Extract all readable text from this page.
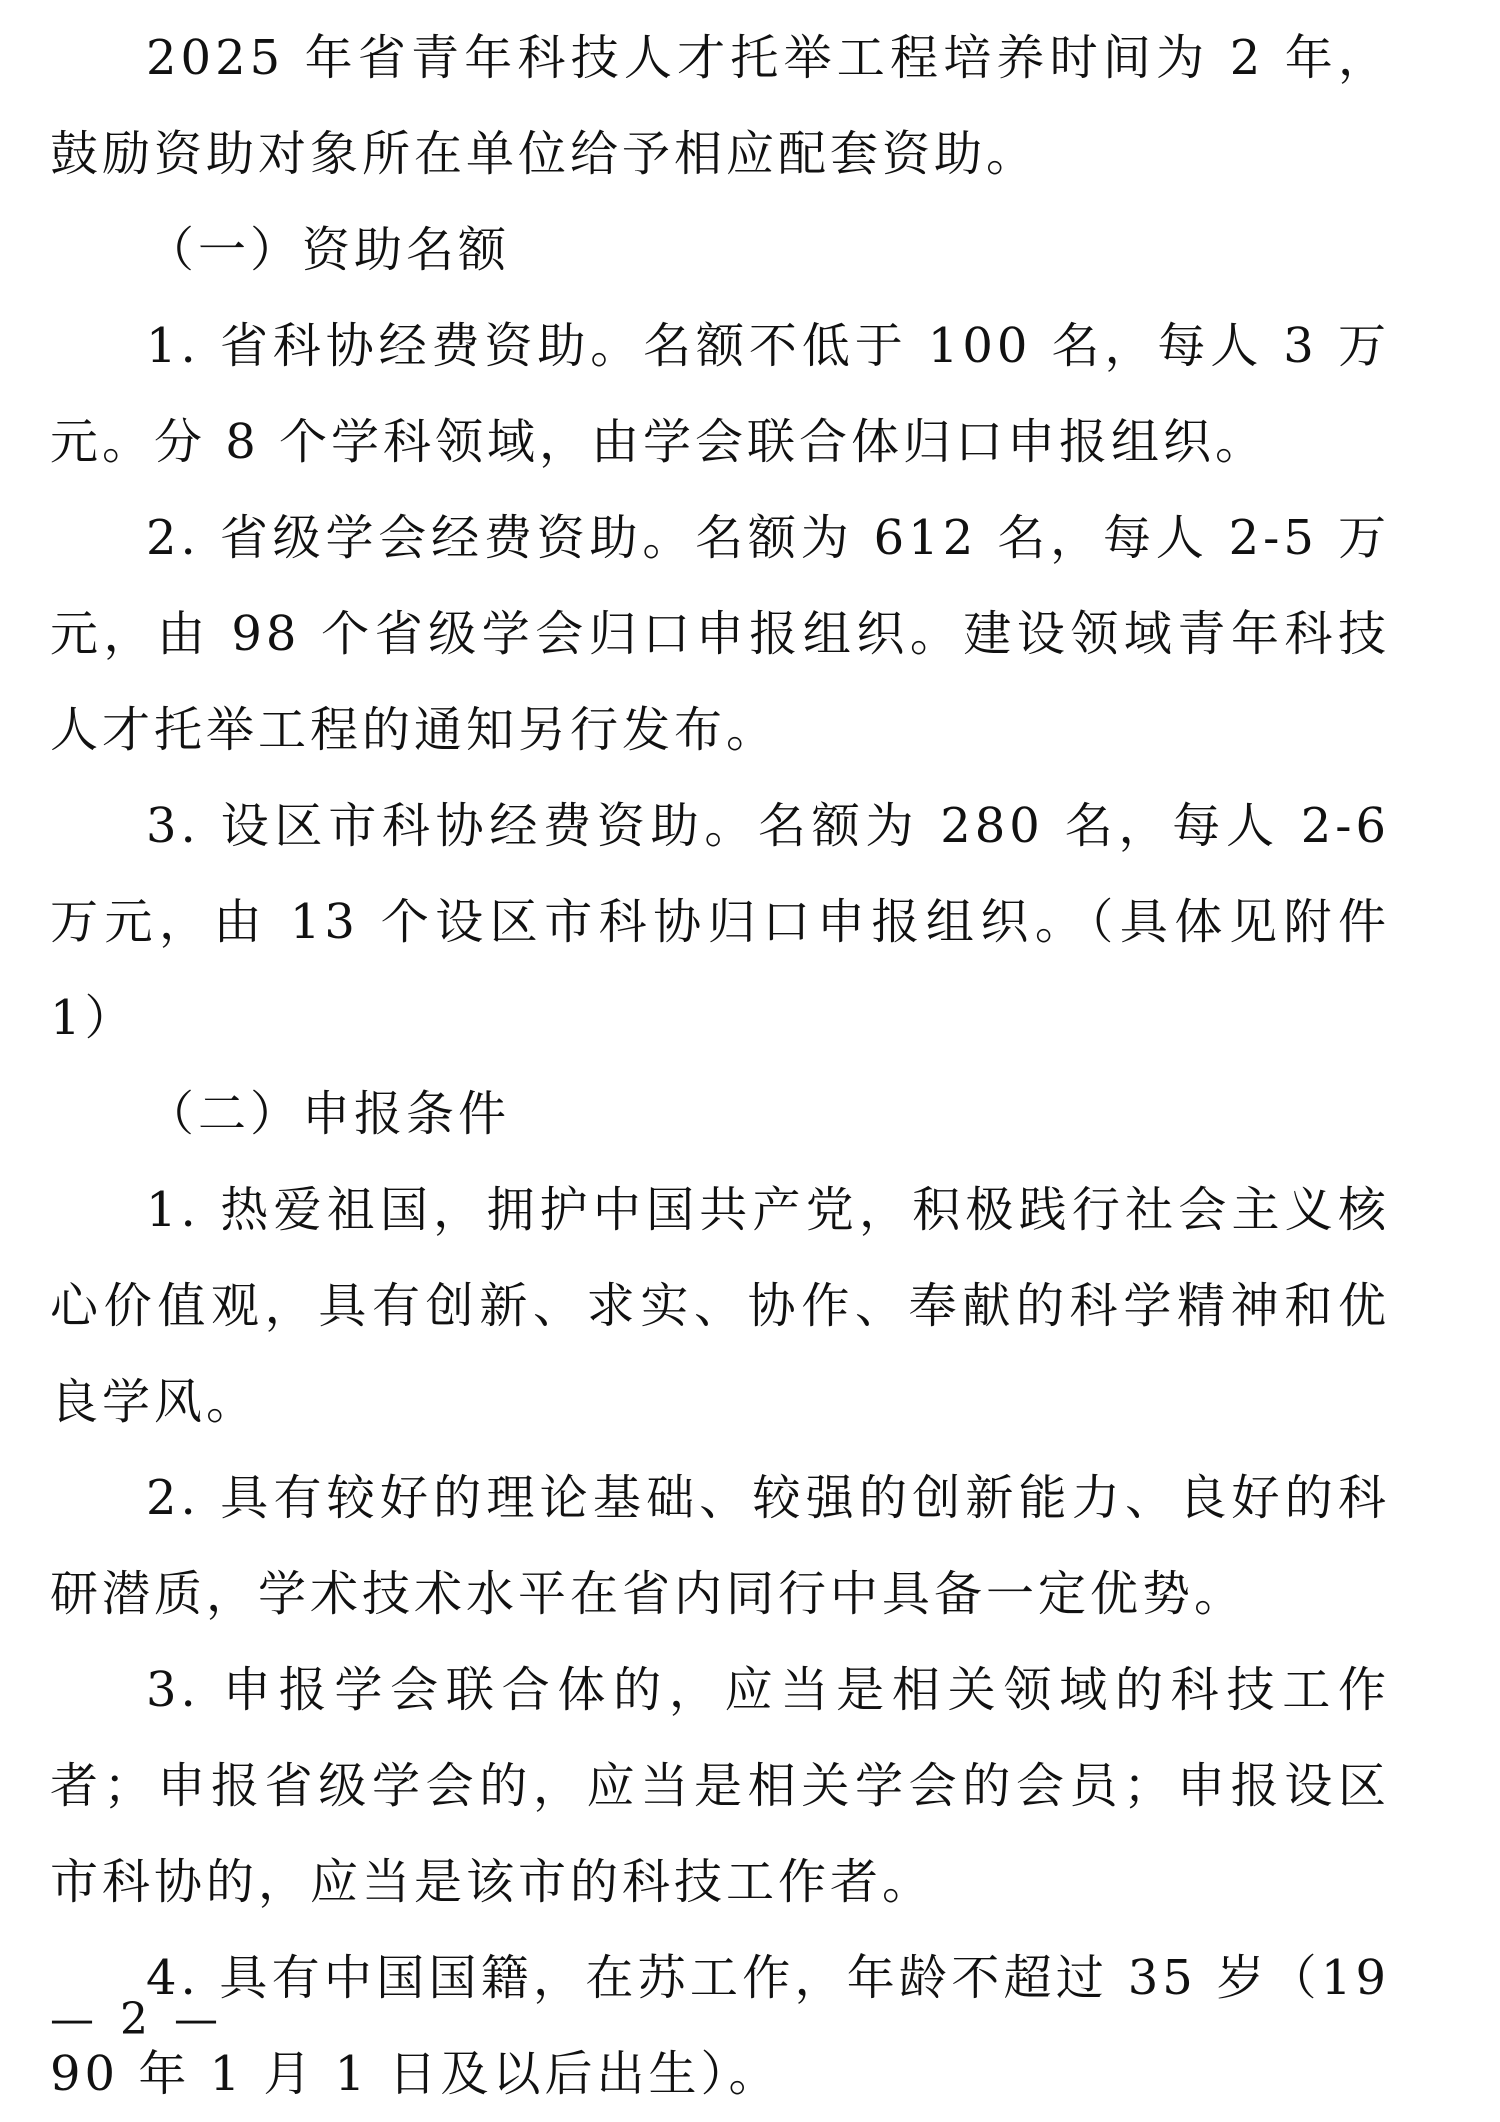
2025 年省青年科技人才托举工程培养时间为 2 年，鼓励资助对象所在单位给予相应配套资助。

（一）资助名额

1. 省科协经费资助。名额不低于 100 名，每人 3 万元。分 8 个学科领域，由学会联合体归口申报组织。

2. 省级学会经费资助。名额为 612 名，每人 2-5 万元，由 98 个省级学会归口申报组织。建设领域青年科技人才托举工程的通知另行发布。

3. 设区市科协经费资助。名额为 280 名，每人 2-6 万元，由 13 个设区市科协归口申报组织。（具体见附件 1）

（二）申报条件

1. 热爱祖国，拥护中国共产党，积极践行社会主义核心价值观，具有创新、求实、协作、奉献的科学精神和优良学风。

2. 具有较好的理论基础、较强的创新能力、良好的科研潜质，学术技术水平在省内同行中具备一定优势。

3. 申报学会联合体的，应当是相关领域的科技工作者；申报省级学会的，应当是相关学会的会员；申报设区市科协的，应当是该市的科技工作者。

4. 具有中国国籍，在苏工作，年龄不超过 35 岁（1990 年 1 月 1 日及以后出生）。

— 2 —
